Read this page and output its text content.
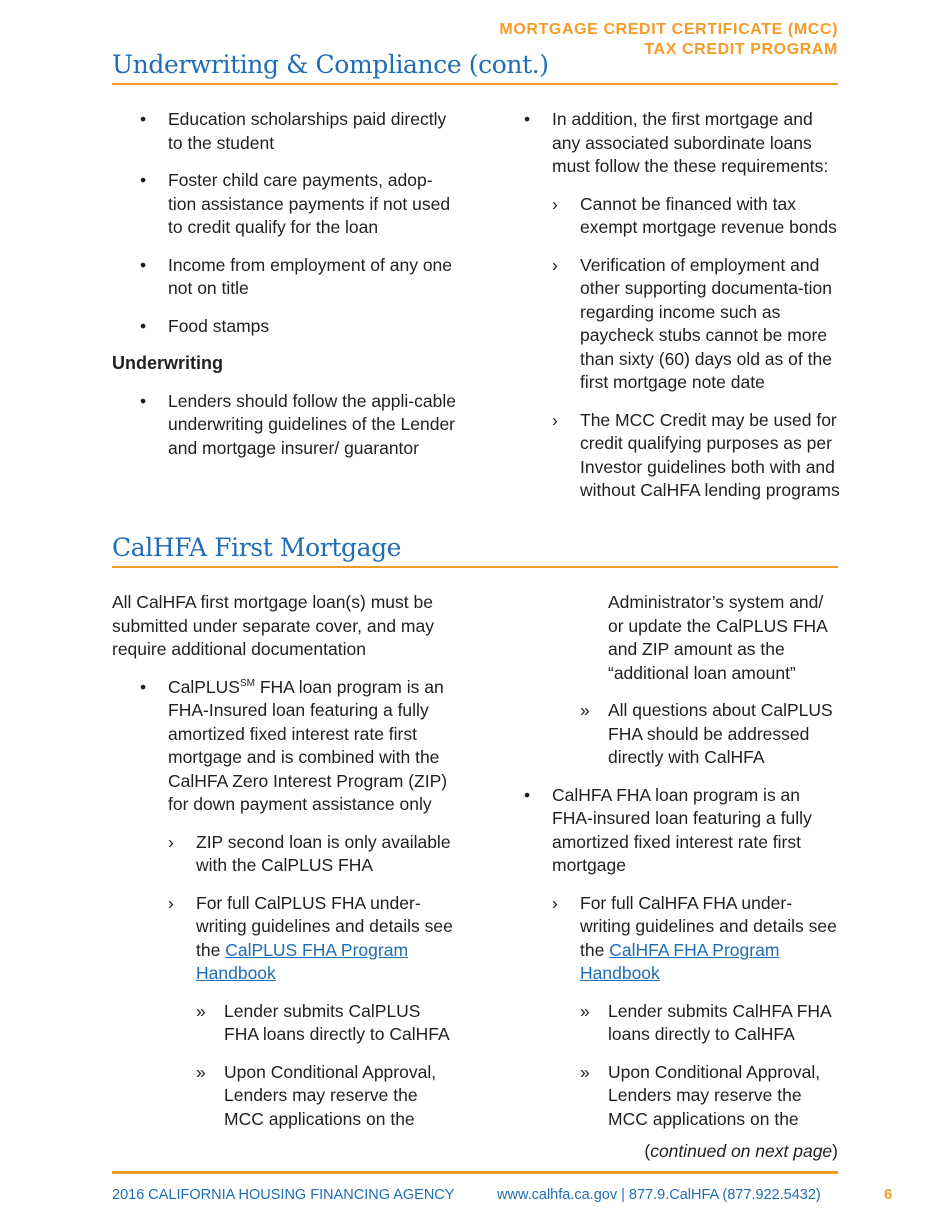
MORTGAGE CREDIT CERTIFICATE (MCC)
TAX CREDIT PROGRAM
Underwriting & Compliance (cont.)
• Education scholarships paid directly to the student
• Foster child care payments, adop-tion assistance payments if not used to credit qualify for the loan
• Income from employment of any one not on title
• Food stamps
Underwriting
• Lenders should follow the appli-cable underwriting guidelines of the Lender and mortgage insurer/ guarantor
• In addition, the first mortgage and any associated subordinate loans must follow the these requirements:
› Cannot be financed with tax exempt mortgage revenue bonds
› Verification of employment and other supporting documenta-tion regarding income such as paycheck stubs cannot be more than sixty (60) days old as of the first mortgage note date
› The MCC Credit may be used for credit qualifying purposes as per Investor guidelines both with and without CalHFA lending programs
CalHFA First Mortgage
All CalHFA first mortgage loan(s) must be submitted under separate cover, and may require additional documentation
• CalPLUS℠ FHA loan program is an FHA-Insured loan featuring a fully amortized fixed interest rate first mortgage and is combined with the CalHFA Zero Interest Program (ZIP) for down payment assistance only
› ZIP second loan is only available with the CalPLUS FHA
› For full CalPLUS FHA under-writing guidelines and details see the CalPLUS FHA Program Handbook
» Lender submits CalPLUS FHA loans directly to CalHFA
» Upon Conditional Approval, Lenders may reserve the MCC applications on the
Administrator’s system and/ or update the CalPLUS FHA and ZIP amount as the “additional loan amount”
» All questions about CalPLUS FHA should be addressed directly with CalHFA
• CalHFA FHA loan program is an FHA-insured loan featuring a fully amortized fixed interest rate first mortgage
› For full CalHFA FHA under-writing guidelines and details see the CalHFA FHA Program Handbook
» Lender submits CalHFA FHA loans directly to CalHFA
» Upon Conditional Approval, Lenders may reserve the MCC applications on the
(continued on next page)
2016 CALIFORNIA HOUSING FINANCING AGENCY	www.calhfa.ca.gov | 877.9.CalHFA (877.922.5432)	6
